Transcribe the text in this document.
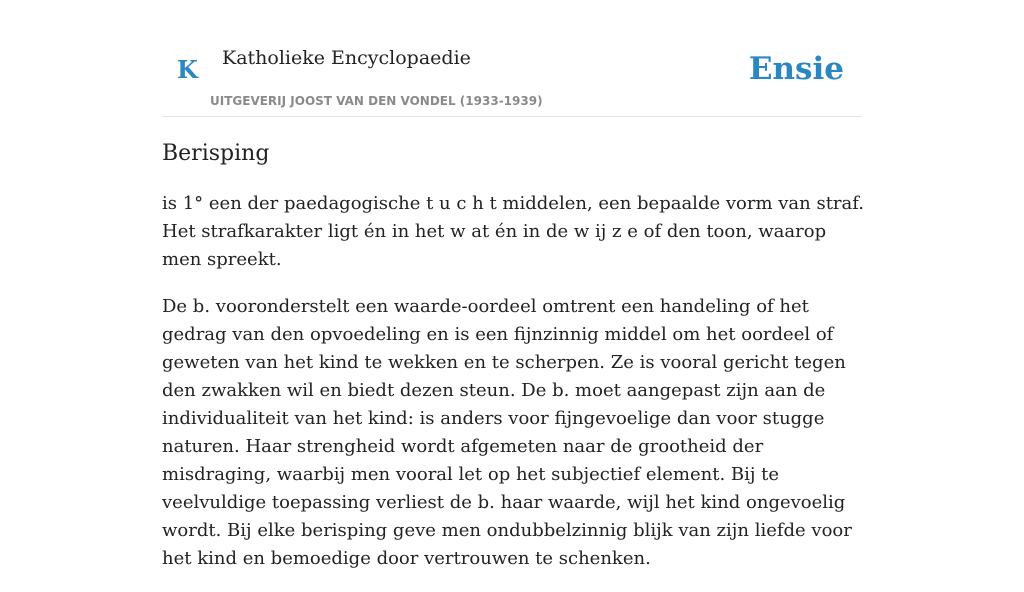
K Katholieke Encyclopaedie
UITGEVERIJ JOOST VAN DEN VONDEL (1933-1939)
Ensie
Berisping

is 1° een der paedagogische t u c h t middelen, een bepaalde vorm van straf. Het strafkarakter ligt én in het w at én in de w ij z e of den toon, waarop men spreekt.

De b. vooronderstelt een waarde-oordeel omtrent een handeling of het gedrag van den opvoedeling en is een fijnzinnig middel om het oordeel of geweten van het kind te wekken en te scherpen. Ze is vooral gericht tegen den zwakken wil en biedt dezen steun. De b. moet aangepast zijn aan de individualiteit van het kind: is anders voor fijngevoelige dan voor stugge naturen. Haar strengheid wordt afgemeten naar de grootheid der misdraging, waarbij men vooral let op het subjectief element. Bij te veelvuldige toepassing verliest de b. haar waarde, wijl het kind ongevoelig wordt. Bij elke berisping geve men ondubbelzinnig blijk van zijn liefde voor het kind en bemoedige door vertrouwen te schenken.
